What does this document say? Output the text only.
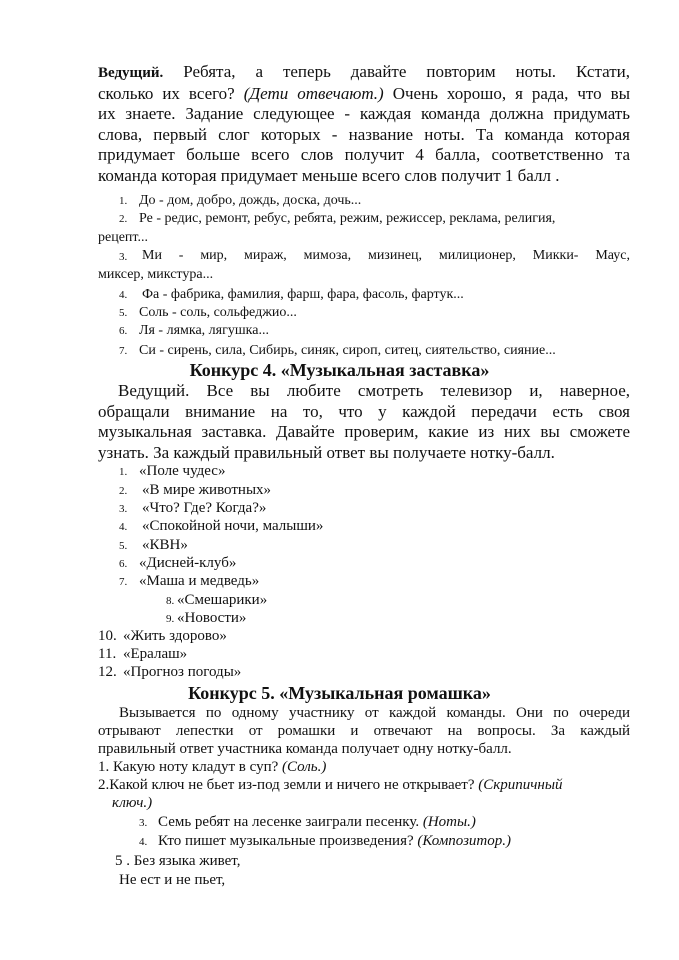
Ведущий. Ребята, а теперь давайте повторим ноты. Кстати,
сколько их всего? (Дети отвечают.) Очень хорошо, я рада, что вы
их знаете. Задание следующее - каждая команда должна придумать
слова, первый слог которых - название ноты. Та команда которая
придумает больше всего слов получит 4 балла, соответственно та
команда которая придумает меньше всего слов получит 1 балл .
1. До - дом, добро, дождь, доска, дочь...
2. Ре - редис, ремонт, ребус, ребята, режим, режиссер, реклама, религия,
рецепт...
3. Ми - мир, мираж, мимоза, мизинец, милиционер, Микки- Маус,
миксер, микстура...
4. Фа - фабрика, фамилия, фарш, фара, фасоль, фартук...
5. Соль - соль, сольфеджио...
6. Ля - лямка, лягушка...
7. Си - сирень, сила, Сибирь, синяк, сироп, ситец, сиятельство, сияние...
Конкурс 4. «Музыкальная заставка»
Ведущий. Все вы любите смотреть телевизор и, наверное,
обращали внимание на то, что у каждой передачи есть своя
музыкальная заставка. Давайте проверим, какие из них вы сможете
узнать. За каждый правильный ответ вы получаете нотку-балл.
1. «Поле чудес»
2. «В мире животных»
3. «Что? Где? Когда?»
4. «Спокойной ночи, малыши»
5. «КВН»
6. «Дисней-клуб»
7. «Маша и медведь»
8. «Смешарики»
9. «Новости»
10. «Жить здорово»
11. «Ералаш»
12. «Прогноз погоды»
Конкурс 5. «Музыкальная ромашка»
Вызывается по одному участнику от каждой команды. Они по очереди
отрывают лепестки от ромашки и отвечают на вопросы. За каждый
правильный ответ участника команда получает одну нотку-балл.
1. Какую ноту кладут в суп? (Соль.)
2.Какой ключ не бьет из-под земли и ничего не открывает? (Скрипичный
ключ.)
3. Семь ребят на лесенке заиграли песенку. (Ноты.)
4. Кто пишет музыкальные произведения? (Композитор.)
5 . Без языка живет,
Не ест и не пьет,
